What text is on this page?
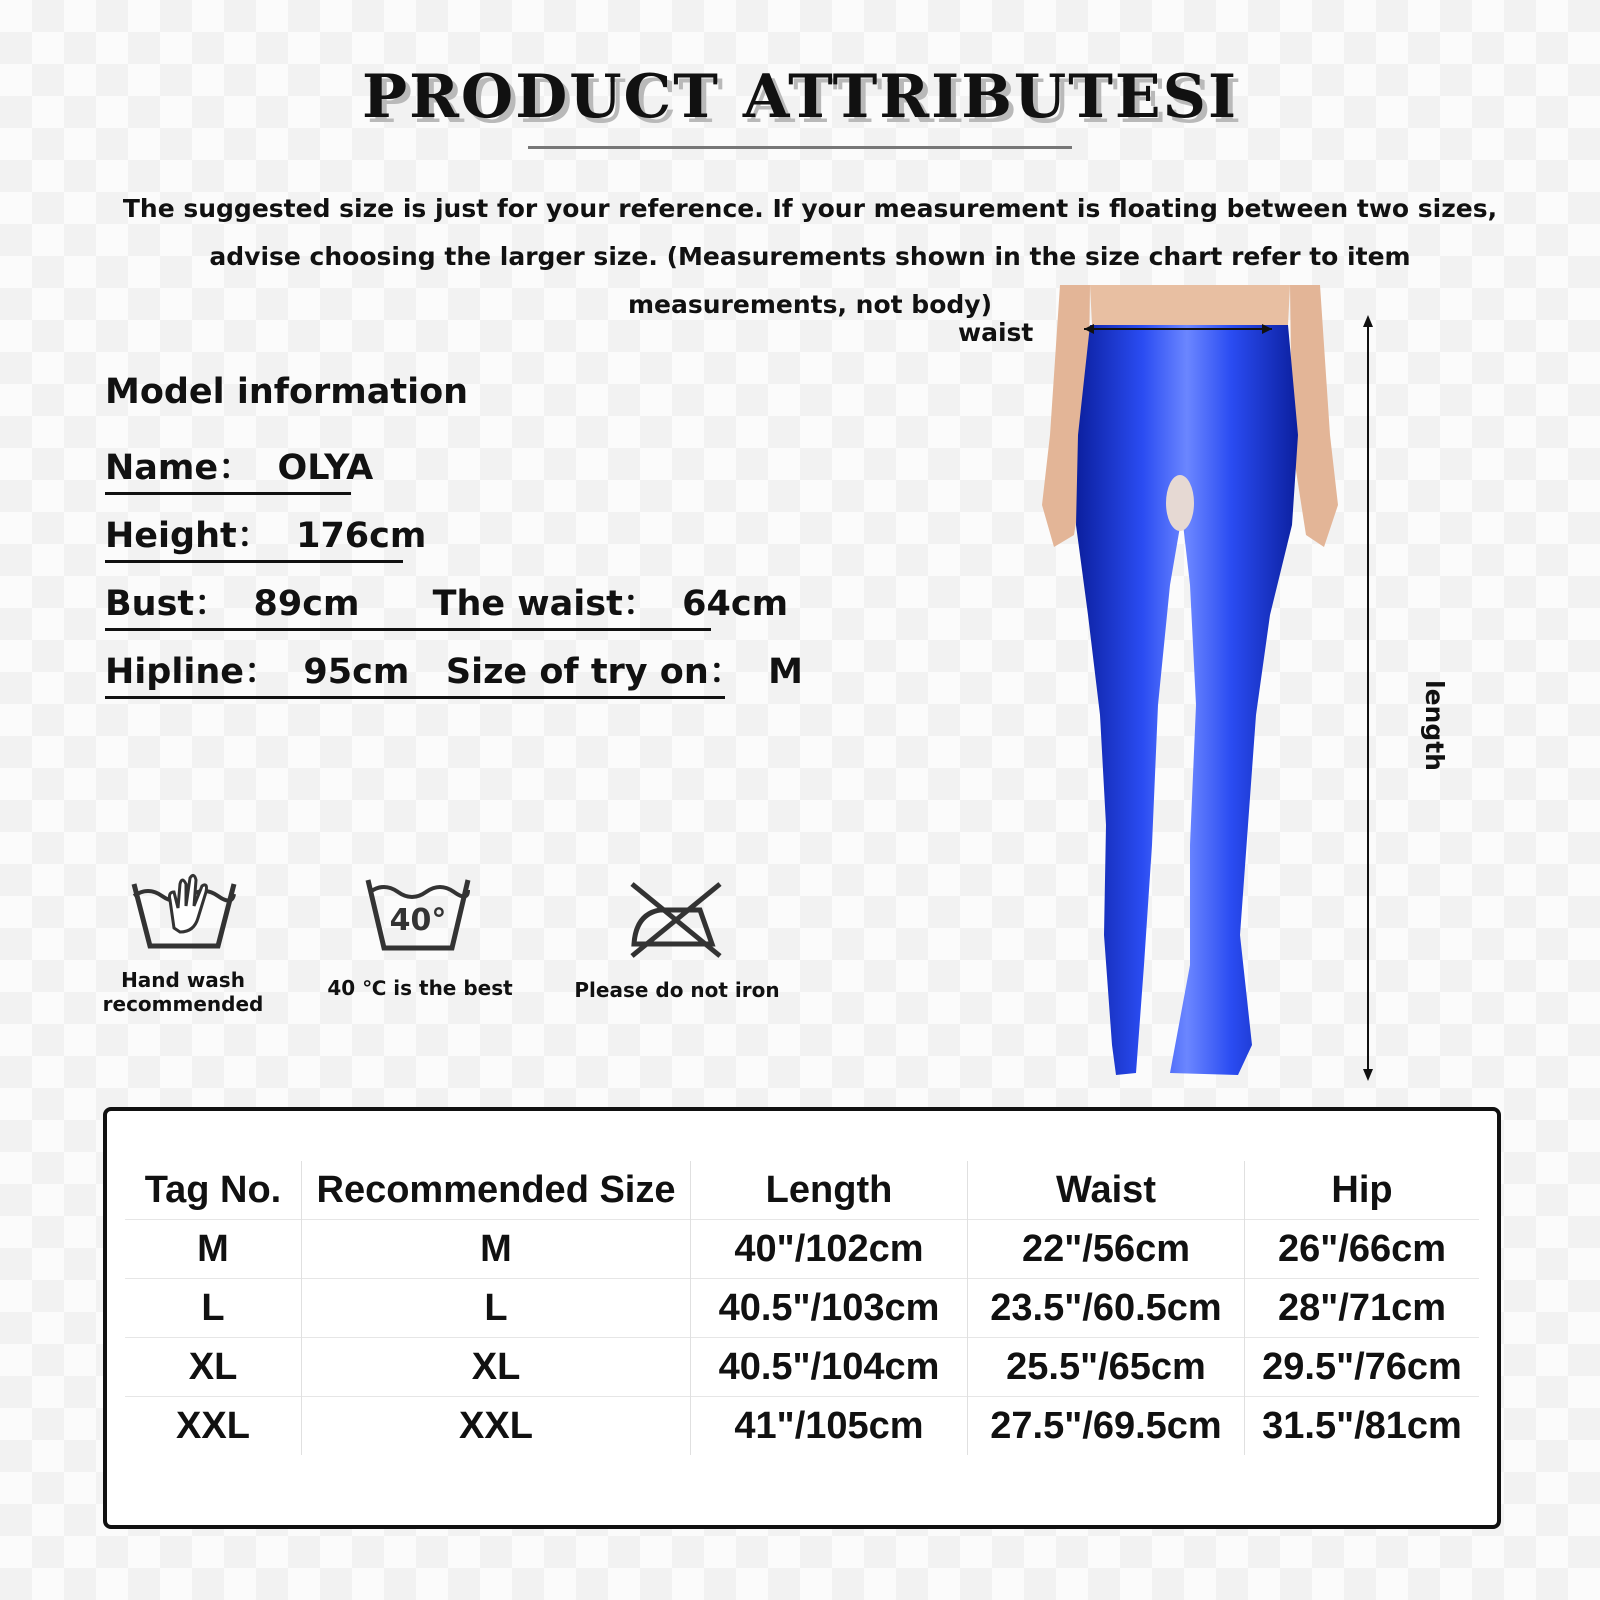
PRODUCT ATTRIBUTESI
The suggested size is just for your reference. If your measurement is floating between two sizes,
advise choosing the larger size. (Measurements shown in the size chart refer to item
measurements, not body)
Model information
Name：  OLYA
Height：  176cm
Bust：  89cm The waist：  64cm
Hipline：  95cm Size of try on：  M
Hand wash
recommended
40°
40 ℃ is the best	Please do not iron
waist
length
Tag No.	Recommended Size	Length	Waist	Hip
M	M	40"/102cm	22"/56cm	26"/66cm
L	L	40.5"/103cm	23.5"/60.5cm	28"/71cm
XL	XL	40.5"/104cm	25.5"/65cm	29.5"/76cm
XXL	XXL	41"/105cm	27.5"/69.5cm	31.5"/81cm
